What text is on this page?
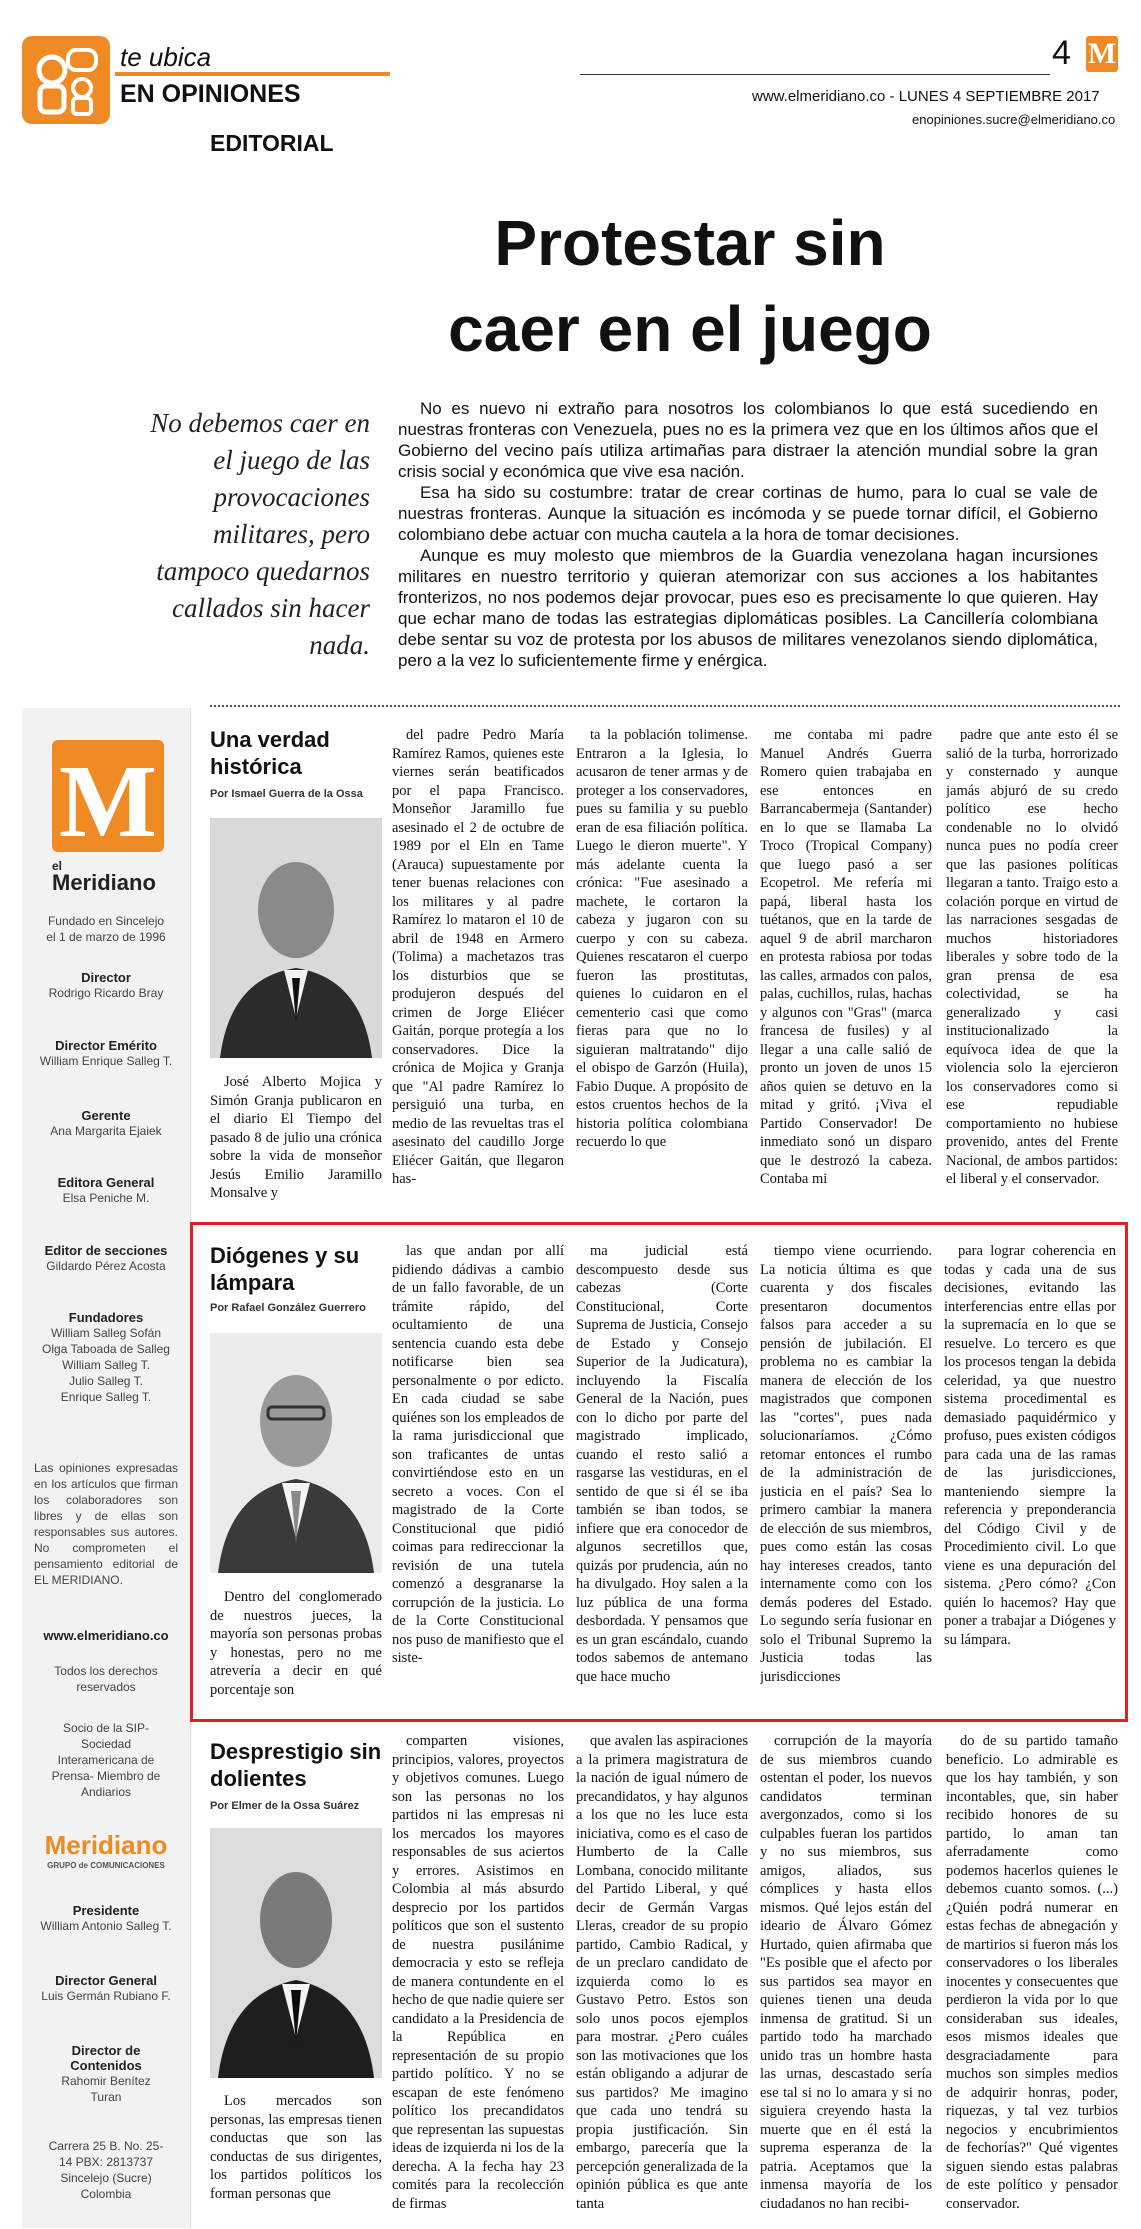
te ubica
EN OPINIONES
EDITORIAL
4 M
www.elmeridiano.co - LUNES 4 SEPTIEMBRE 2017
enopiniones.sucre@elmeridiano.co
Protestar sin
caer en el juego
No debemos caer en el juego de las provocaciones militares, pero tampoco quedarnos callados sin hacer nada.

No es nuevo ni extraño para nosotros los colombianos lo que está sucediendo en nuestras fronteras con Venezuela, pues no es la primera vez que en los últimos años que el Gobierno del vecino país utiliza artimañas para distraer la atención mundial sobre la gran crisis social y económica que vive esa nación.

Esa ha sido su costumbre: tratar de crear cortinas de humo, para lo cual se vale de nuestras fronteras. Aunque la situación es incómoda y se puede tornar difícil, el Gobierno colombiano debe actuar con mucha cautela a la hora de tomar decisiones.

Aunque es muy molesto que miembros de la Guardia venezolana hagan incursiones militares en nuestro territorio y quieran atemorizar con sus acciones a los habitantes fronterizos, no nos podemos dejar provocar, pues eso es precisamente lo que quieren. Hay que echar mano de todas las estrategias diplomáticas posibles. La Cancillería colombiana debe sentar su voz de protesta por los abusos de militares venezolanos siendo diplomática, pero a la vez lo suficientemente firme y enérgica.

M
el
Meridiano
Fundado en Sincelejo el 1 de marzo de 1996
Director
Rodrigo Ricardo Bray
Director Emérito
William Enrique Salleg T.
Gerente
Ana Margarita Ejaiek
Editora General
Elsa Peniche M.
Editor de secciones
Gildardo Pérez Acosta
Fundadores
William Salleg Sofán
Olga Taboada de Salleg
William Salleg T.
Julio Salleg T.
Enrique Salleg T.
Las opiniones expresadas en los artículos que firman los colaboradores son libres y de ellas son responsables sus autores. No comprometen el pensamiento editorial de EL MERIDIANO.
www.elmeridiano.co
Todos los derechos reservados
Socio de la SIP- Sociedad Interamericana de Prensa- Miembro de Andiarios
Meridiano
GRUPO de COMUNICACIONES
Presidente
William Antonio Salleg T.
Director General
Luis Germán Rubiano F.
Director de Contenidos
Rahomir Benítez Turan
Carrera 25 B. No. 25-14 PBX: 2813737 Sincelejo (Sucre) Colombia
Una verdad histórica
Por Ismael Guerra de la Ossa

José Alberto Mojica y Simón Granja publicaron en el diario El Tiempo del pasado 8 de julio una crónica sobre la vida de monseñor Jesús Emilio Jaramillo Monsalve y

del padre Pedro María Ramírez Ramos, quienes este viernes serán beatificados por el papa Francisco. Monseñor Jaramillo fue asesinado el 2 de octubre de 1989 por el Eln en Tame (Arauca) supuestamente por tener buenas relaciones con los militares y al padre Ramírez lo mataron el 10 de abril de 1948 en Armero (Tolima) a machetazos tras los disturbios que se produjeron después del crimen de Jorge Eliécer Gaitán, porque protegía a los conservadores. Dice la crónica de Mojica y Granja que "Al padre Ramírez lo persiguió una turba, en medio de las revueltas tras el asesinato del caudillo Jorge Eliécer Gaitán, que llegaron has-

ta la población tolimense. Entraron a la Iglesia, lo acusaron de tener armas y de proteger a los conservadores, pues su familia y su pueblo eran de esa filiación política. Luego le dieron muerte". Y más adelante cuenta la crónica: "Fue asesinado a machete, le cortaron la cabeza y jugaron con su cuerpo y con su cabeza. Quienes rescataron el cuerpo fueron las prostitutas, quienes lo cuidaron en el cementerio casi que como fieras para que no lo siguieran maltratando" dijo el obispo de Garzón (Huila), Fabio Duque. A propósito de estos cruentos hechos de la historia política colombiana recuerdo lo que

me contaba mi padre Manuel Andrés Guerra Romero quien trabajaba en ese entonces en Barrancabermeja (Santander) en lo que se llamaba La Troco (Tropical Company) que luego pasó a ser Ecopetrol. Me refería mi papá, liberal hasta los tuétanos, que en la tarde de aquel 9 de abril marcharon en protesta rabiosa por todas las calles, armados con palos, palas, cuchillos, rulas, hachas y algunos con "Gras" (marca francesa de fusiles) y al llegar a una calle salió de pronto un joven de unos 15 años quien se detuvo en la mitad y gritó. ¡Viva el Partido Conservador! De inmediato sonó un disparo que le destrozó la cabeza. Contaba mi

padre que ante esto él se salió de la turba, horrorizado y consternado y aunque jamás abjuró de su credo político ese hecho condenable no lo olvidó nunca pues no podía creer que las pasiones políticas llegaran a tanto. Traigo esto a colación porque en virtud de las narraciones sesgadas de muchos historiadores liberales y sobre todo de la gran prensa de esa colectividad, se ha generalizado y casi institucionalizado la equívoca idea de que la violencia solo la ejercieron los conservadores como si ese repudiable comportamiento no hubiese provenido, antes del Frente Nacional, de ambos partidos: el liberal y el conservador.

Diógenes y su lámpara
Por Rafael González Guerrero

Dentro del conglomerado de nuestros jueces, la mayoría son personas probas y honestas, pero no me atrevería a decir en qué porcentaje son

las que andan por allí pidiendo dádivas a cambio de un fallo favorable, de un trámite rápido, del ocultamiento de una sentencia cuando esta debe notificarse bien sea personalmente o por edicto. En cada ciudad se sabe quiénes son los empleados de la rama jurisdiccional que son traficantes de untas convirtiéndose esto en un secreto a voces. Con el magistrado de la Corte Constitucional que pidió coimas para redireccionar la revisión de una tutela comenzó a desgranarse la corrupción de la justicia. Lo de la Corte Constitucional nos puso de manifiesto que el siste-

ma judicial está descompuesto desde sus cabezas (Corte Constitucional, Corte Suprema de Justicia, Consejo de Estado y Consejo Superior de la Judicatura), incluyendo la Fiscalía General de la Nación, pues con lo dicho por parte del magistrado implicado, cuando el resto salió a rasgarse las vestiduras, en el sentido de que si él se iba también se iban todos, se infiere que era conocedor de algunos secretillos que, quizás por prudencia, aún no ha divulgado. Hoy salen a la luz pública de una forma desbordada. Y pensamos que es un gran escándalo, cuando todos sabemos de antemano que hace mucho

tiempo viene ocurriendo. La noticia última es que cuarenta y dos fiscales presentaron documentos falsos para acceder a su pensión de jubilación. El problema no es cambiar la manera de elección de los magistrados que componen las "cortes", pues nada solucionaríamos. ¿Cómo retomar entonces el rumbo de la administración de justicia en el país? Sea lo primero cambiar la manera de elección de sus miembros, pues como están las cosas hay intereses creados, tanto internamente como con los demás poderes del Estado. Lo segundo sería fusionar en solo el Tribunal Supremo la Justicia todas las jurisdicciones

para lograr coherencia en todas y cada una de sus decisiones, evitando las interferencias entre ellas por la supremacía en lo que se resuelve. Lo tercero es que los procesos tengan la debida celeridad, ya que nuestro sistema procedimental es demasiado paquidérmico y profuso, pues existen códigos para cada una de las ramas de las jurisdicciones, manteniendo siempre la referencia y preponderancia del Código Civil y de Procedimiento civil. Lo que viene es una depuración del sistema. ¿Pero cómo? ¿Con quién lo hacemos? Hay que poner a trabajar a Diógenes y su lámpara.

Desprestigio sin dolientes
Por Elmer de la Ossa Suárez

Los mercados son personas, las empresas tienen conductas que son las conductas de sus dirigentes, los partidos políticos los forman personas que

comparten visiones, principios, valores, proyectos y objetivos comunes. Luego son las personas no los partidos ni las empresas ni los mercados los mayores responsables de sus aciertos y errores. Asistimos en Colombia al más absurdo desprecio por los partidos políticos que son el sustento de nuestra pusilánime democracia y esto se refleja de manera contundente en el hecho de que nadie quiere ser candidato a la Presidencia de la República en representación de su propio partido político. Y no se escapan de este fenómeno político los precandidatos que representan las supuestas ideas de izquierda ni los de la derecha. A la fecha hay 23 comités para la recolección de firmas

que avalen las aspiraciones a la primera magistratura de la nación de igual número de precandidatos, y hay algunos a los que no les luce esta iniciativa, como es el caso de Humberto de la Calle Lombana, conocido militante del Partido Liberal, y qué decir de Germán Vargas Lleras, creador de su propio partido, Cambio Radical, y de un preclaro candidato de izquierda como lo es Gustavo Petro. Estos son solo unos pocos ejemplos para mostrar. ¿Pero cuáles son las motivaciones que los están obligando a adjurar de sus partidos? Me imagino que cada uno tendrá su propia justificación. Sin embargo, parecería que la percepción generalizada de la opinión pública es que ante tanta

corrupción de la mayoría de sus miembros cuando ostentan el poder, los nuevos candidatos terminan avergonzados, como si los culpables fueran los partidos y no sus miembros, sus amigos, aliados, sus cómplices y hasta ellos mismos. Qué lejos están del ideario de Álvaro Gómez Hurtado, quien afirmaba que "Es posible que el afecto por sus partidos sea mayor en quienes tienen una deuda inmensa de gratitud. Si un partido todo ha marchado unido tras un hombre hasta las urnas, descastado sería ese tal si no lo amara y si no siguiera creyendo hasta la muerte que en él está la suprema esperanza de la patria. Aceptamos que la inmensa mayoría de los ciudadanos no han recibi-

do de su partido tamaño beneficio. Lo admirable es que los hay también, y son incontables, que, sin haber recibido honores de su partido, lo aman tan aferradamente como podemos hacerlos quienes le debemos cuanto somos. (...) ¿Quién podrá numerar en estas fechas de abnegación y de martirios si fueron más los conservadores o los liberales inocentes y consecuentes que perdieron la vida por lo que consideraban sus ideales, esos mismos ideales que desgraciadamente para muchos son simples medios de adquirir honras, poder, riquezas, y tal vez turbios negocios y encubrimientos de fechorías?" Qué vigentes siguen siendo estas palabras de este político y pensador conservador.
